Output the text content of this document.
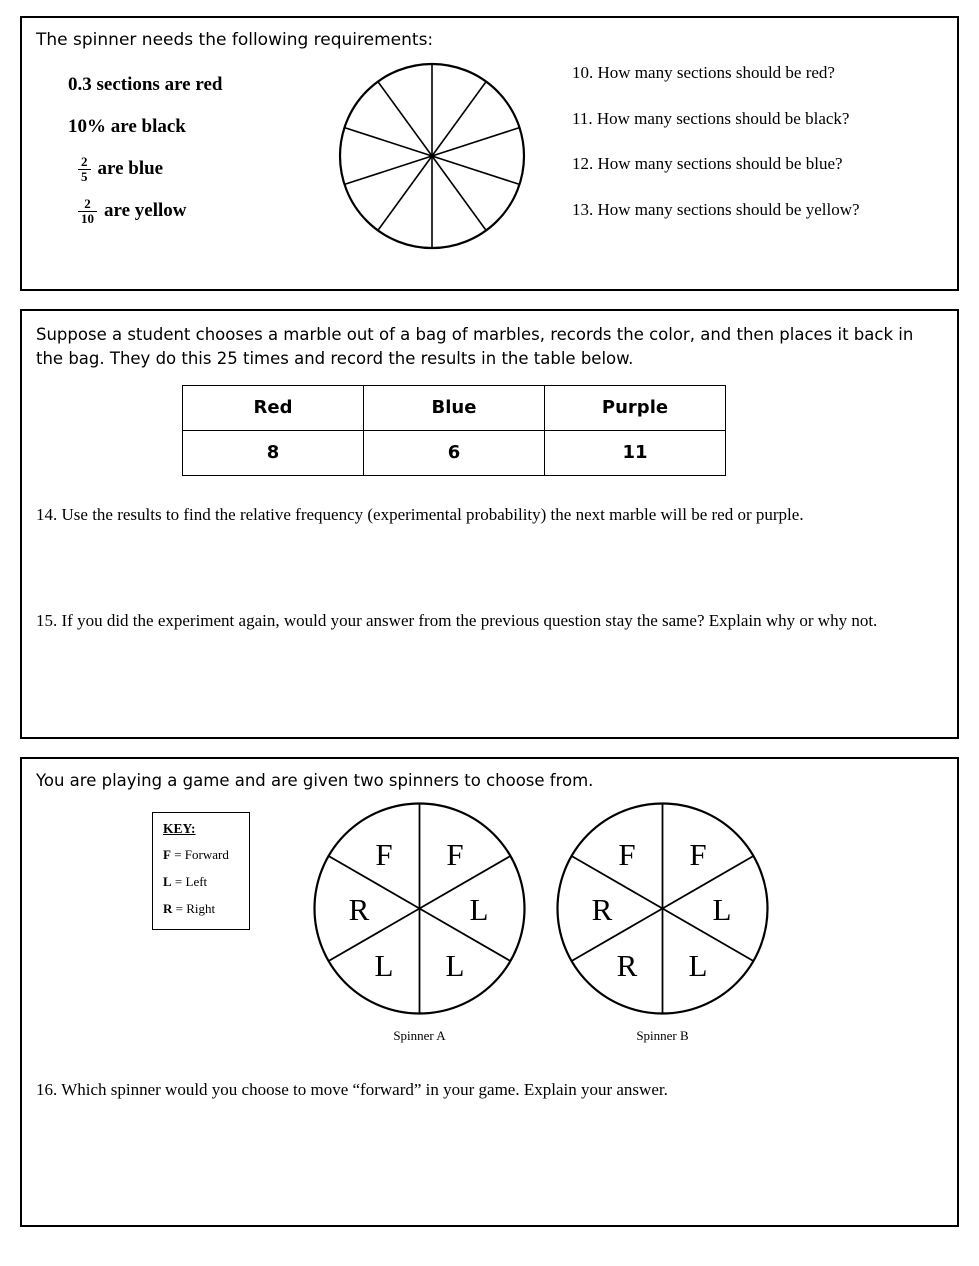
The spinner needs the following requirements:
0.3 sections are red
10% are black
$\frac{2}{5}$ are blue
$\frac{2}{10}$ are yellow
10. How many sections should be red?
11. How many sections should be black?
12. How many sections should be blue?
13. How many sections should be yellow?
Suppose a student chooses a marble out of a bag of marbles, records the color, and then places it back in the bag. They do this 25 times and record the results in the table below.
Red	Blue	Purple
8	6	11
14. Use the results to find the relative frequency (experimental probability) the next marble will be red or purple.
15. If you did the experiment again, would your answer from the previous question stay the same? Explain why or why not.
You are playing a game and are given two spinners to choose from.
KEY:
F = Forward
L = Left
R = Right
F F
L
L
L
R
Spinner A
F F
L
L
R
R
Spinner B
16. Which spinner would you choose to move “forward” in your game. Explain your answer.
